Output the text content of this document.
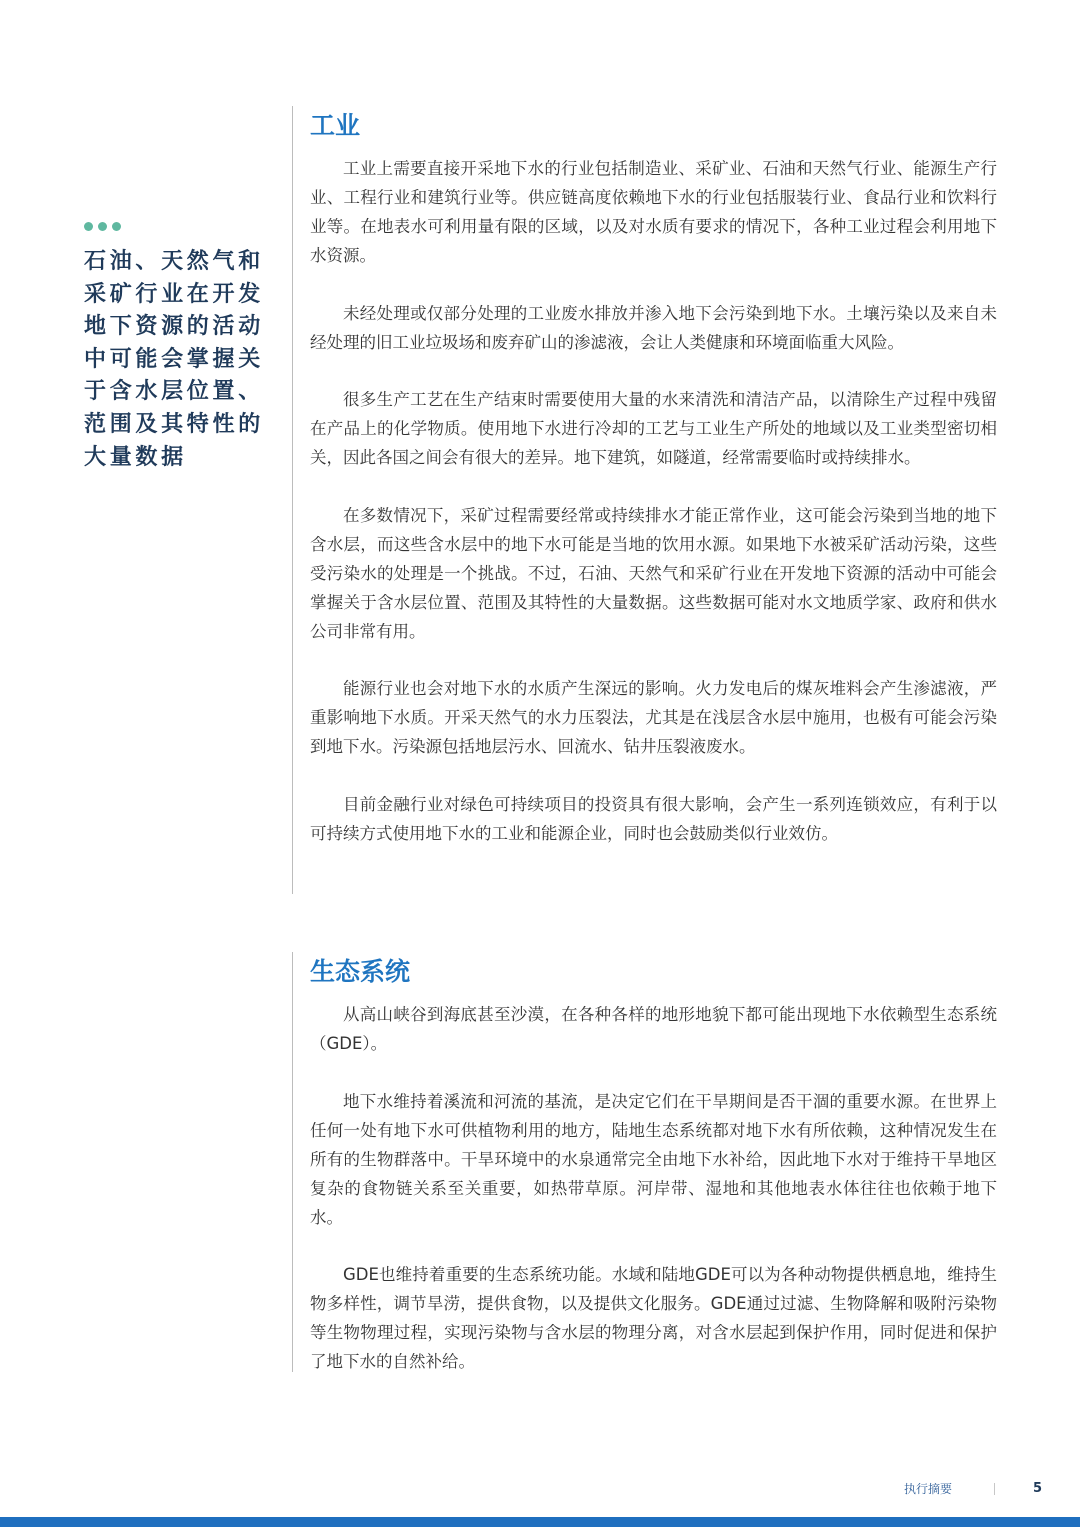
石油、天然气和采矿行业在开发地下资源的活动中可能会掌握关于含水层位置、范围及其特性的大量数据

工业

工业上需要直接开采地下水的行业包括制造业、采矿业、石油和天然气行业、能源生产行业、工程行业和建筑行业等。供应链高度依赖地下水的行业包括服装行业、食品行业和饮料行业等。在地表水可利用量有限的区域，以及对水质有要求的情况下，各种工业过程会利用地下水资源。

未经处理或仅部分处理的工业废水排放并渗入地下会污染到地下水。土壤污染以及来自未经处理的旧工业垃圾场和废弃矿山的渗滤液，会让人类健康和环境面临重大风险。

很多生产工艺在生产结束时需要使用大量的水来清洗和清洁产品，以清除生产过程中残留在产品上的化学物质。使用地下水进行冷却的工艺与工业生产所处的地域以及工业类型密切相关，因此各国之间会有很大的差异。地下建筑，如隧道，经常需要临时或持续排水。

在多数情况下，采矿过程需要经常或持续排水才能正常作业，这可能会污染到当地的地下含水层，而这些含水层中的地下水可能是当地的饮用水源。如果地下水被采矿活动污染，这些受污染水的处理是一个挑战。不过，石油、天然气和采矿行业在开发地下资源的活动中可能会掌握关于含水层位置、范围及其特性的大量数据。这些数据可能对水文地质学家、政府和供水公司非常有用。

能源行业也会对地下水的水质产生深远的影响。火力发电后的煤灰堆料会产生渗滤液，严重影响地下水质。开采天然气的水力压裂法，尤其是在浅层含水层中施用，也极有可能会污染到地下水。污染源包括地层污水、回流水、钻井压裂液废水。

目前金融行业对绿色可持续项目的投资具有很大影响，会产生一系列连锁效应，有利于以可持续方式使用地下水的工业和能源企业，同时也会鼓励类似行业效仿。

生态系统

从高山峡谷到海底甚至沙漠，在各种各样的地形地貌下都可能出现地下水依赖型生态系统（GDE）。

地下水维持着溪流和河流的基流，是决定它们在干旱期间是否干涸的重要水源。在世界上任何一处有地下水可供植物利用的地方，陆地生态系统都对地下水有所依赖，这种情况发生在所有的生物群落中。干旱环境中的水泉通常完全由地下水补给，因此地下水对于维持干旱地区复杂的食物链关系至关重要，如热带草原。河岸带、湿地和其他地表水体往往也依赖于地下水。

GDE也维持着重要的生态系统功能。水域和陆地GDE可以为各种动物提供栖息地，维持生物多样性，调节旱涝，提供食物，以及提供文化服务。GDE通过过滤、生物降解和吸附污染物等生物物理过程，实现污染物与含水层的物理分离，对含水层起到保护作用，同时促进和保护了地下水的自然补给。

执行摘要	5
